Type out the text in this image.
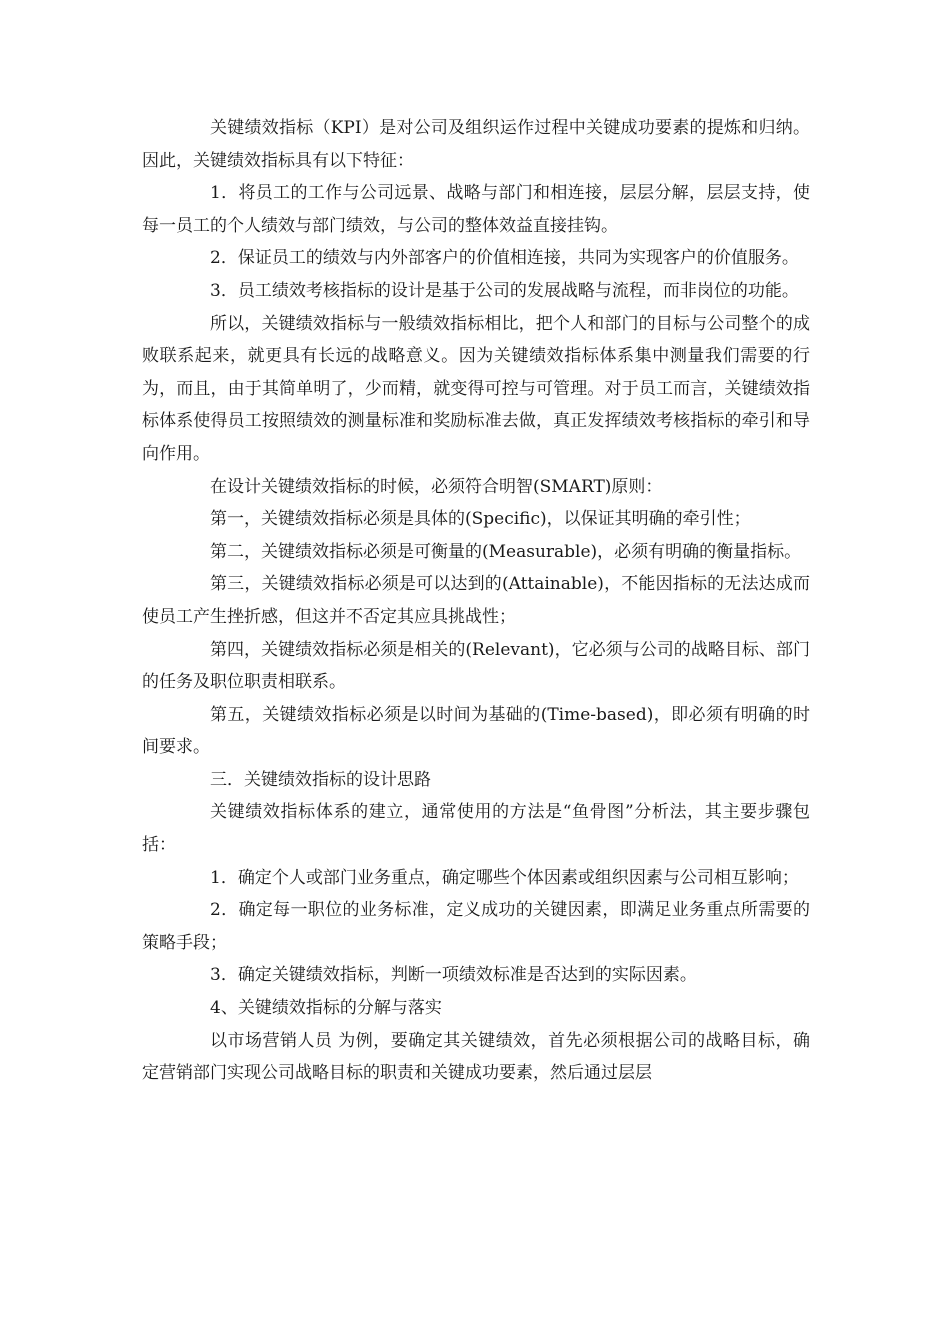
关键绩效指标（KPI）是对公司及组织运作过程中关键成功要素的提炼和归纳。因此，关键绩效指标具有以下特征：

1．将员工的工作与公司远景、战略与部门和相连接，层层分解，层层支持，使每一员工的个人绩效与部门绩效，与公司的整体效益直接挂钩。

2．保证员工的绩效与内外部客户的价值相连接，共同为实现客户的价值服务。

3．员工绩效考核指标的设计是基于公司的发展战略与流程，而非岗位的功能。

所以，关键绩效指标与一般绩效指标相比，把个人和部门的目标与公司整个的成败联系起来，就更具有长远的战略意义。因为关键绩效指标体系集中测量我们需要的行为，而且，由于其简单明了，少而精，就变得可控与可管理。对于员工而言，关键绩效指标体系使得员工按照绩效的测量标准和奖励标准去做，真正发挥绩效考核指标的牵引和导向作用。

在设计关键绩效指标的时候，必须符合明智(SMART)原则：

第一，关键绩效指标必须是具体的(Specific)，以保证其明确的牵引性；

第二，关键绩效指标必须是可衡量的(Measurable)，必须有明确的衡量指标。

第三，关键绩效指标必须是可以达到的(Attainable)，不能因指标的无法达成而使员工产生挫折感，但这并不否定其应具挑战性；

第四，关键绩效指标必须是相关的(Relevant)，它必须与公司的战略目标、部门的任务及职位职责相联系。

第五，关键绩效指标必须是以时间为基础的(Time-based)，即必须有明确的时间要求。

三．关键绩效指标的设计思路

关键绩效指标体系的建立，通常使用的方法是“鱼骨图”分析法，其主要步骤包括：

1．确定个人或部门业务重点，确定哪些个体因素或组织因素与公司相互影响；

2．确定每一职位的业务标准，定义成功的关键因素，即满足业务重点所需要的策略手段；

3．确定关键绩效指标，判断一项绩效标准是否达到的实际因素。

4、关键绩效指标的分解与落实

以市场营销人员 为例，要确定其关键绩效，首先必须根据公司的战略目标，确定营销部门实现公司战略目标的职责和关键成功要素，然后通过层层
